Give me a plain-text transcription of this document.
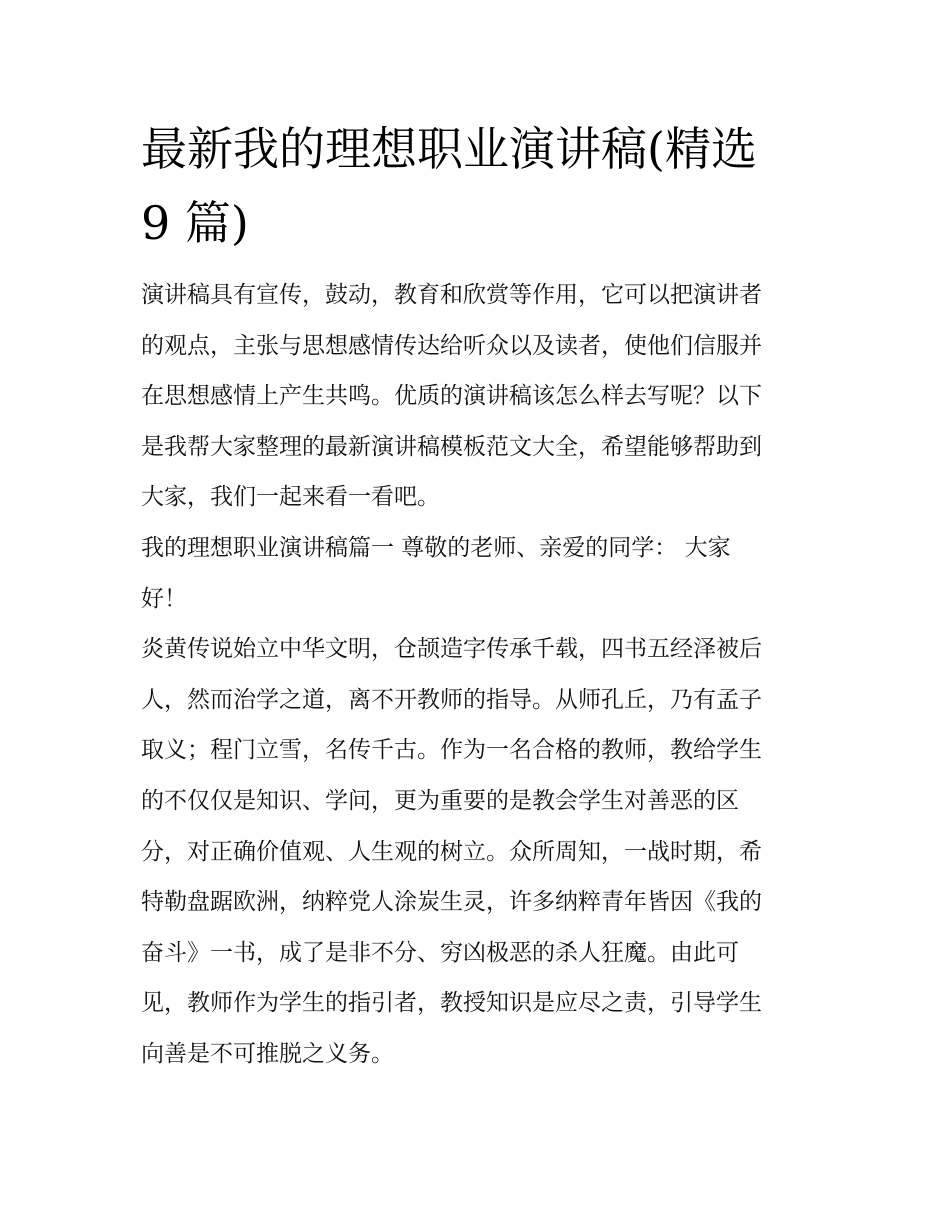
最新我的理想职业演讲稿(精选
9 篇)

演讲稿具有宣传，鼓动，教育和欣赏等作用，它可以把演讲者
的观点，主张与思想感情传达给听众以及读者，使他们信服并
在思想感情上产生共鸣。优质的演讲稿该怎么样去写呢？以下
是我帮大家整理的最新演讲稿模板范文大全，希望能够帮助到
大家，我们一起来看一看吧。

我的理想职业演讲稿篇一 尊敬的老师、亲爱的同学： 大家
好！

炎黄传说始立中华文明，仓颉造字传承千载，四书五经泽被后
人，然而治学之道，离不开教师的指导。从师孔丘，乃有孟子
取义；程门立雪，名传千古。作为一名合格的教师，教给学生
的不仅仅是知识、学问，更为重要的是教会学生对善恶的区
分，对正确价值观、人生观的树立。众所周知，一战时期，希
特勒盘踞欧洲，纳粹党人涂炭生灵，许多纳粹青年皆因《我的
奋斗》一书，成了是非不分、穷凶极恶的杀人狂魔。由此可
见，教师作为学生的指引者，教授知识是应尽之责，引导学生
向善是不可推脱之义务。
